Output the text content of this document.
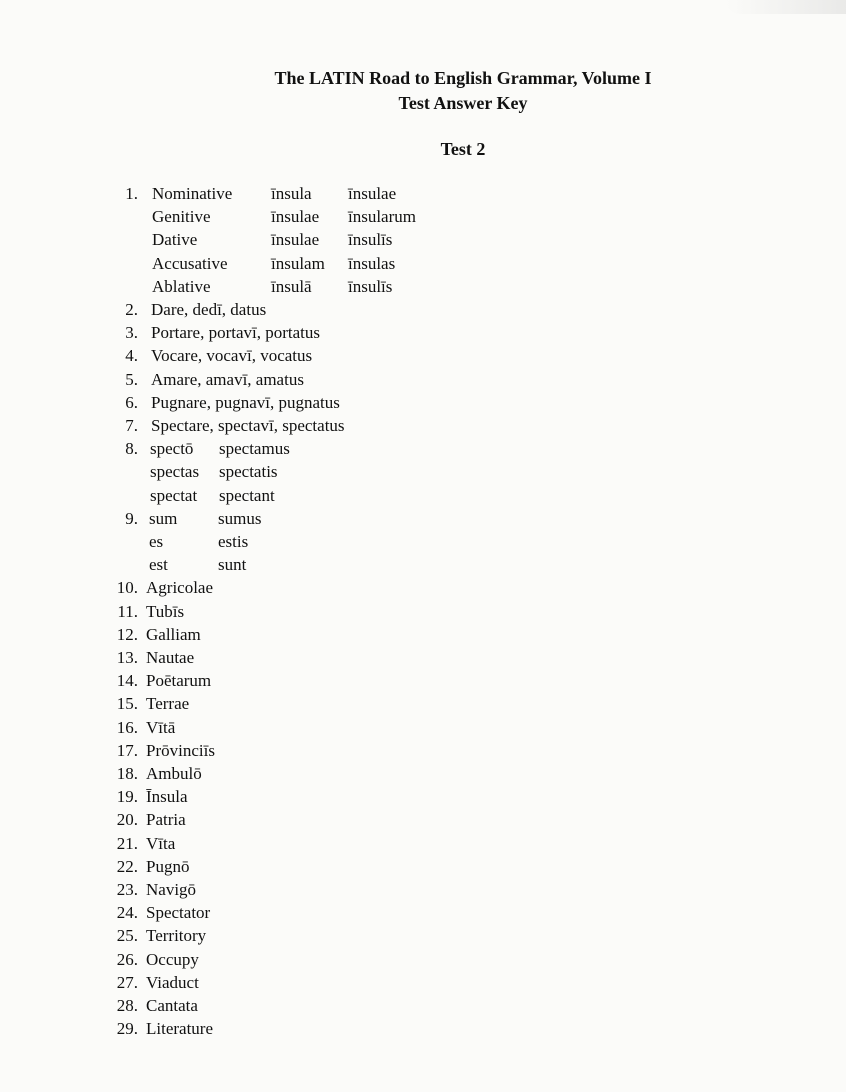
The LATIN Road to English Grammar, Volume I
Test Answer Key
Test 2
1. Nominative īnsula īnsulae
Genitive	īnsulae īnsularum
Dative	īnsulae īnsulīs
Accusative	īnsulam īnsulas
Ablative	īnsulā īnsulīs
2. Dare, dedī, datus
3. Portare, portavī, portatus
4. Vocare, vocavī, vocatus
5. Amare, amavī, amatus
6. Pugnare, pugnavī, pugnatus
7. Spectare, spectavī, spectatus
8. spectō spectamus
spectas spectatis
spectat spectant
9. sum sumus
es	estis
est	sunt
10. Agricolae
11. Tubīs
12. Galliam
13. Nautae
14. Poētarum
15. Terrae
16. Vītā
17. Prōvinciīs
18. Ambulō
19. Īnsula
20. Patria
21. Vīta
22. Pugnō
23. Navigō
24. Spectator
25. Territory
26. Occupy
27. Viaduct
28. Cantata
29. Literature
